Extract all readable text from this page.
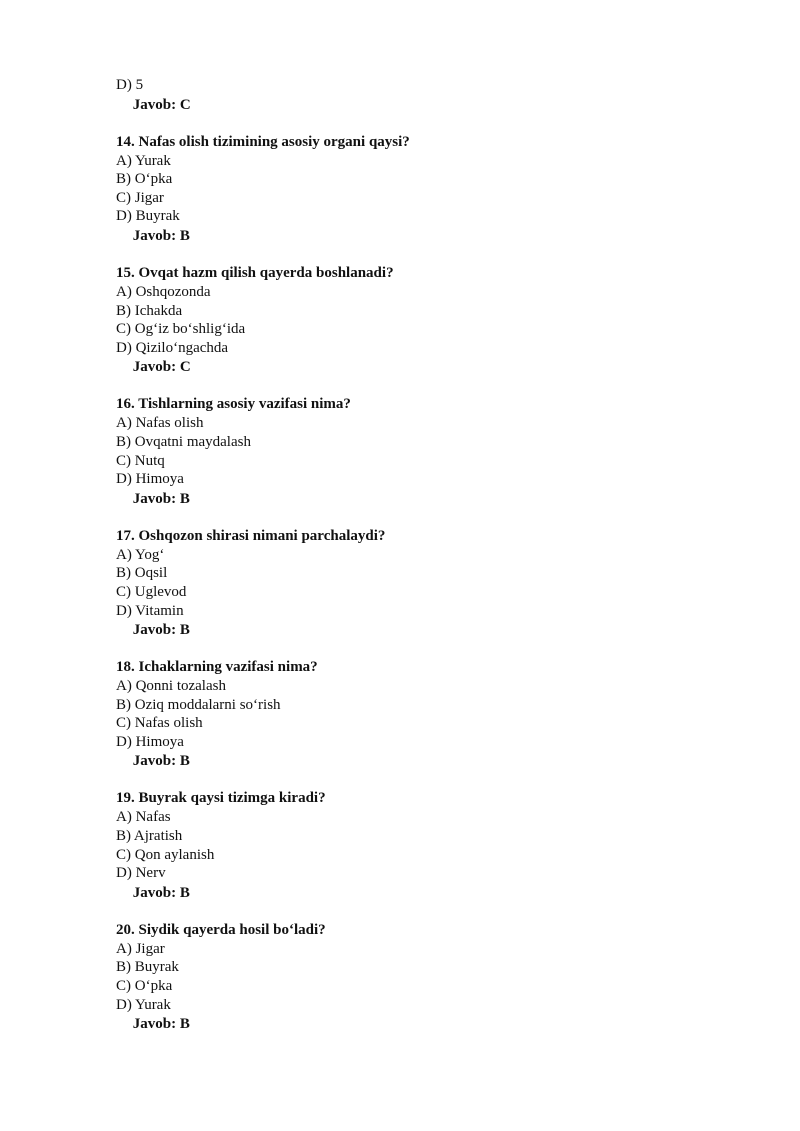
D) 5
Javob: C
14. Nafas olish tizimining asosiy organi qaysi?
A) Yurak
B) O‘pka
C) Jigar
D) Buyrak
Javob: B
15. Ovqat hazm qilish qayerda boshlanadi?
A) Oshqozonda
B) Ichakda
C) Og‘iz bo‘shlig‘ida
D) Qizilo‘ngachda
Javob: C
16. Tishlarning asosiy vazifasi nima?
A) Nafas olish
B) Ovqatni maydalash
C) Nutq
D) Himoya
Javob: B
17. Oshqozon shirasi nimani parchalaydi?
A) Yog‘
B) Oqsil
C) Uglevod
D) Vitamin
Javob: B
18. Ichaklarning vazifasi nima?
A) Qonni tozalash
B) Oziq moddalarni so‘rish
C) Nafas olish
D) Himoya
Javob: B
19. Buyrak qaysi tizimga kiradi?
A) Nafas
B) Ajratish
C) Qon aylanish
D) Nerv
Javob: B
20. Siydik qayerda hosil bo‘ladi?
A) Jigar
B) Buyrak
C) O‘pka
D) Yurak
Javob: B
